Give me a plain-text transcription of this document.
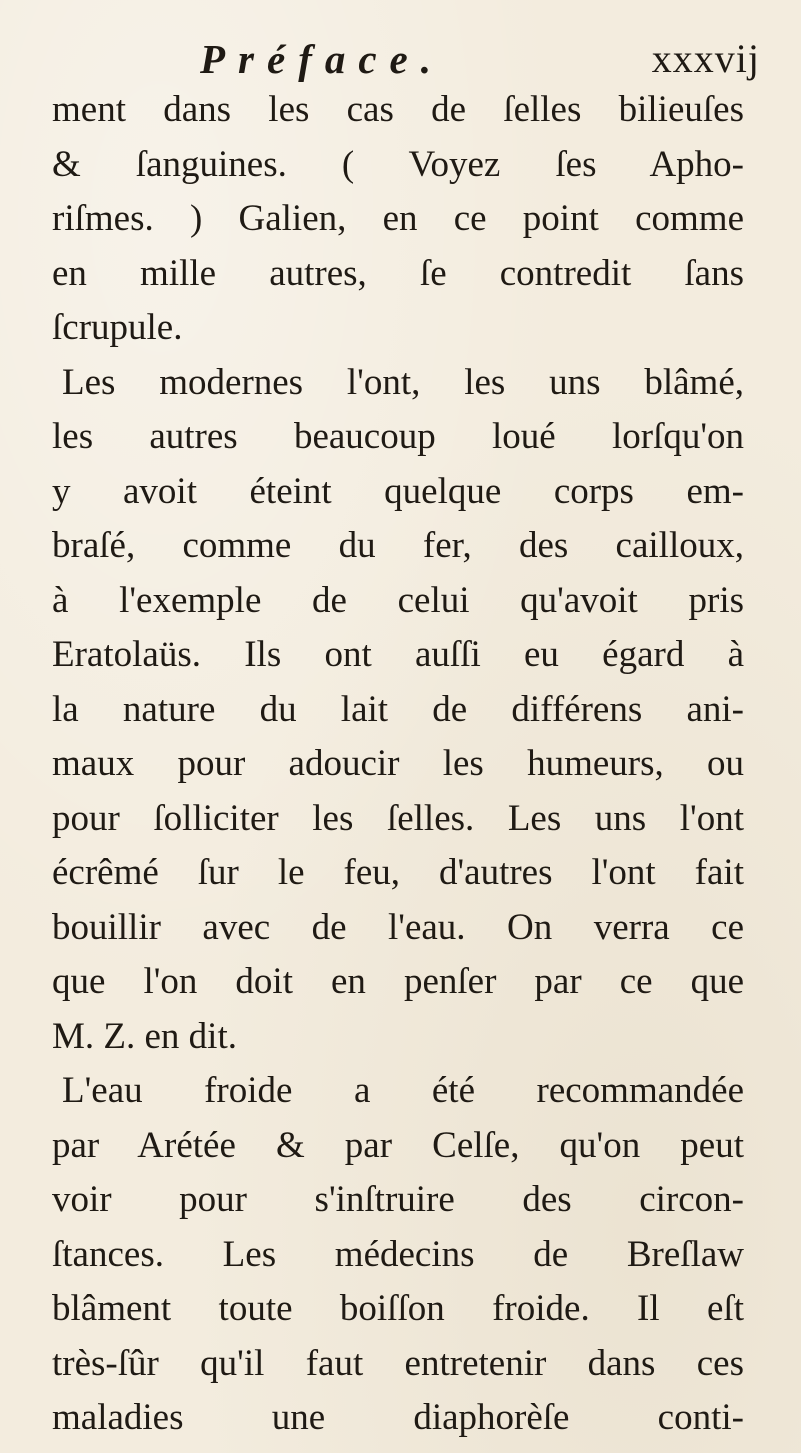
Préface.	xxxvij
ment dans les cas de ſelles bilieuſes
& ſanguines. ( Voyez ſes Apho-
riſmes. ) Galien, en ce point comme
en mille autres, ſe contredit ſans
ſcrupule.
Les modernes l'ont, les uns blâmé,
les autres beaucoup loué lorſqu'on
y avoit éteint quelque corps em-
braſé, comme du fer, des cailloux,
à l'exemple de celui qu'avoit pris
Eratolaüs. Ils ont auſſi eu égard à
la nature du lait de différens ani-
maux pour adoucir les humeurs, ou
pour ſolliciter les ſelles. Les uns l'ont
écrêmé ſur le feu, d'autres l'ont fait
bouillir avec de l'eau. On verra ce
que l'on doit en penſer par ce que
M. Z. en dit.
L'eau froide a été recommandée
par Arétée & par Celſe, qu'on peut
voir pour s'inſtruire des circon-
ſtances. Les médecins de Breſlaw
blâment toute boiſſon froide. Il eſt
très-ſûr qu'il faut entretenir dans ces
maladies une diaphorèſe conti-
